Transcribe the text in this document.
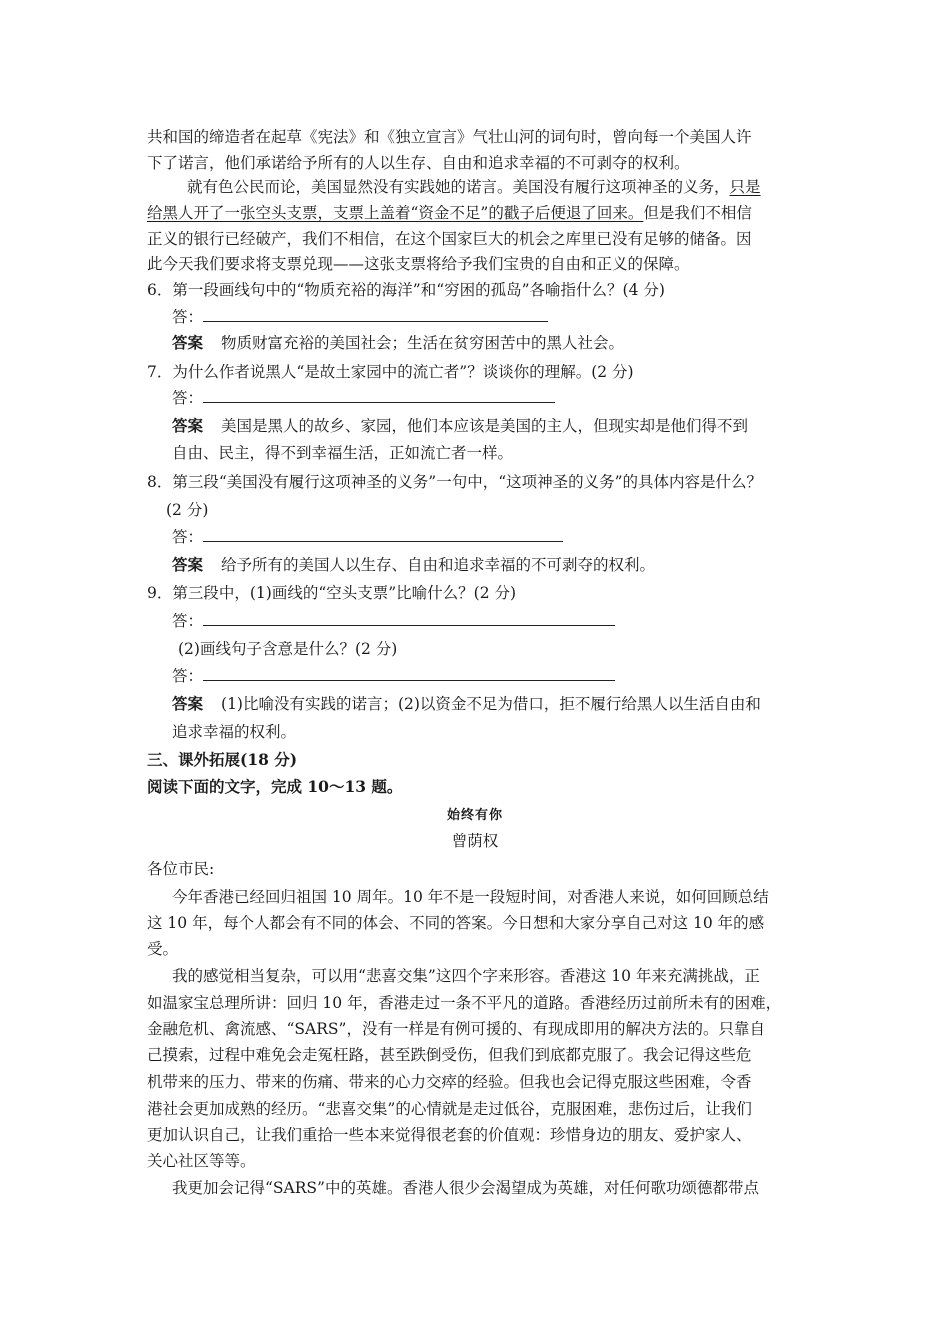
共和国的缔造者在起草《宪法》和《独立宣言》气壮山河的词句时，曾向每一个美国人许
下了诺言，他们承诺给予所有的人以生存、自由和追求幸福的不可剥夺的权利。
就有色公民而论，美国显然没有实践她的诺言。美国没有履行这项神圣的义务，只是
给黑人开了一张空头支票，支票上盖着“资金不足”的戳子后便退了回来。但是我们不相信
正义的银行已经破产，我们不相信，在这个国家巨大的机会之库里已没有足够的储备。因
此今天我们要求将支票兑现——这张支票将给予我们宝贵的自由和正义的保障。
6．第一段画线句中的“物质充裕的海洋”和“穷困的孤岛”各喻指什么？(4 分)
答：
答案 物质财富充裕的美国社会；生活在贫穷困苦中的黑人社会。
7．为什么作者说黑人“是故土家园中的流亡者”？谈谈你的理解。(2 分)
答：
答案 美国是黑人的故乡、家园，他们本应该是美国的主人，但现实却是他们得不到
自由、民主，得不到幸福生活，正如流亡者一样。
8．第三段“美国没有履行这项神圣的义务”一句中，“这项神圣的义务”的具体内容是什么？
(2 分)
答：
答案 给予所有的美国人以生存、自由和追求幸福的不可剥夺的权利。
9．第三段中，(1)画线的“空头支票”比喻什么？(2 分)
答：
(2)画线句子含意是什么？(2 分)
答：
答案 (1)比喻没有实践的诺言；(2)以资金不足为借口，拒不履行给黑人以生活自由和
追求幸福的权利。
三、课外拓展(18 分)
阅读下面的文字，完成 10～13 题。
始终有你
曾荫权
各位市民:
今年香港已经回归祖国 10 周年。10 年不是一段短时间，对香港人来说，如何回顾总结
这 10 年，每个人都会有不同的体会、不同的答案。今日想和大家分享自己对这 10 年的感
受。
我的感觉相当复杂，可以用“悲喜交集”这四个字来形容。香港这 10 年来充满挑战，正
如温家宝总理所讲：回归 10 年，香港走过一条不平凡的道路。香港经历过前所未有的困难，
金融危机、禽流感、“SARS”，没有一样是有例可援的、有现成即用的解决方法的。只靠自
己摸索，过程中难免会走冤枉路，甚至跌倒受伤，但我们到底都克服了。我会记得这些危
机带来的压力、带来的伤痛、带来的心力交瘁的经验。但我也会记得克服这些困难，令香
港社会更加成熟的经历。“悲喜交集”的心情就是走过低谷，克服困难，悲伤过后，让我们
更加认识自己，让我们重拾一些本来觉得很老套的价值观：珍惜身边的朋友、爱护家人、
关心社区等等。
我更加会记得“SARS”中的英雄。香港人很少会渴望成为英雄，对任何歌功颂德都带点
